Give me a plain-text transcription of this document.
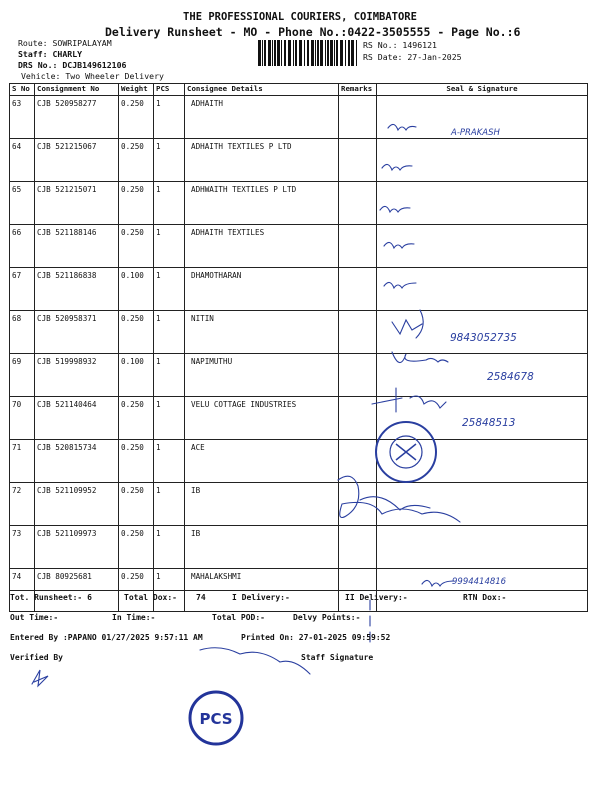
THE PROFESSIONAL COURIERS, COIMBATORE
Delivery Runsheet - MO - Phone No.:0422-3505555 - Page No.:6
Route: SOWRIPALAYAM
Staff: CHARLY
DRS No.: DCJB149612106
Vehicle: Two Wheeler Delivery
RS No.: 1496121
RS Date: 27-Jan-2025
S No	Consignment No	Weight	PCS	Consignee Details	Remarks	Seal & Signature
63	CJB 520958277	0.250	1	ADHAITH		
64	CJB 521215067	0.250	1	ADHAITH TEXTILES P LTD		
65	CJB 521215071	0.250	1	ADHWAITH TEXTILES P LTD		
66	CJB 521188146	0.250	1	ADHAITH TEXTILES		
67	CJB 521186838	0.100	1	DHAMOTHARAN		
68	CJB 520958371	0.250	1	NITIN		
69	CJB 519998932	0.100	1	NAPIMUTHU		
70	CJB 521140464	0.250	1	VELU COTTAGE INDUSTRIES		
71	CJB 520815734	0.250	1	ACE		
72	CJB 521109952	0.250	1	IB		
73	CJB 521109973	0.250	1	IB		
74	CJB 80925681	0.250	1	MAHALAKSHMI		
A-PRAKASH
9843052735
2584678
25848513
9994414816
PCS
Tot. Runsheet:- 6	Total Dox:- 74	I Delivery:-	II Delivery:-	RTN Dox:-
Out Time:-	In Time:-	Total POD:-	Delvy Points:-
Entered By :PAPANO 01/27/2025 9:57:11 AM	Printed On: 27-01-2025 09:59:52
Verified By	Staff Signature
